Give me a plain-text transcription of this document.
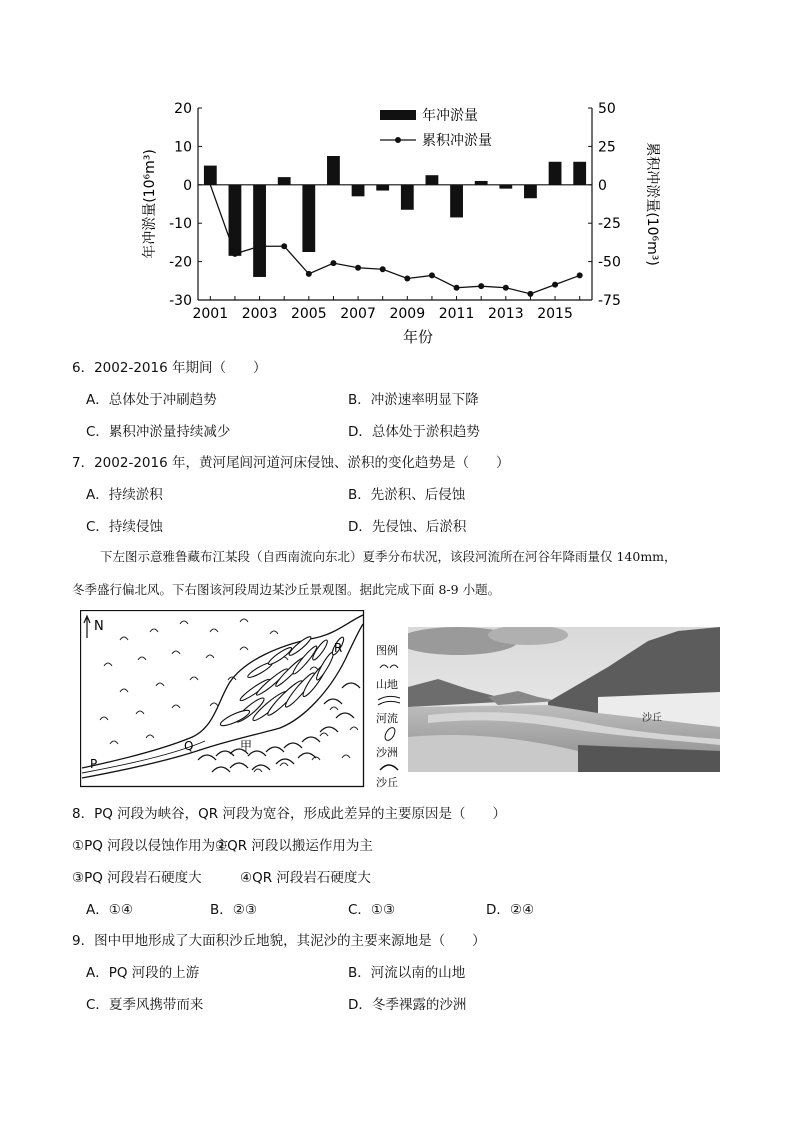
20
10
0
-10
-20
-30
50
25
0
-25
-50
-75
2001 2003 2005 2007 2009 2011 2013 2015
年份
年冲淤量(10⁶m³)	累积冲淤量(10⁶m³)
年冲淤量
累积冲淤量
6．2002-2016 年期间（　　）
A．总体处于冲刷趋势	B．冲淤速率明显下降
C．累积冲淤量持续减少	D．总体处于淤积趋势
7．2002-2016 年，黄河尾闾河道河床侵蚀、淤积的变化趋势是（　　）
A．持续淤积	B．先淤积、后侵蚀
C．持续侵蚀	D．先侵蚀、后淤积
下左图示意雅鲁藏布江某段（自西南流向东北）夏季分布状况，该段河流所在河谷年降雨量仅 140mm，
冬季盛行偏北风。下右图该河段周边某沙丘景观图。据此完成下面 8-9 小题。
N
P
Q
R
甲
图例
山地
河流
沙洲
沙丘
沙丘
8．PQ 河段为峡谷，QR 河段为宽谷，形成此差异的主要原因是（　　）
①PQ 河段以侵蚀作用为主
②QR 河段以搬运作用为主
③PQ 河段岩石硬度大	④QR 河段岩石硬度大
A．①④	B．②③	C．①③	D．②④
9．图中甲地形成了大面积沙丘地貌，其泥沙的主要来源地是（　　）
A．PQ 河段的上游	B．河流以南的山地
C．夏季风携带而来	D．冬季裸露的沙洲
